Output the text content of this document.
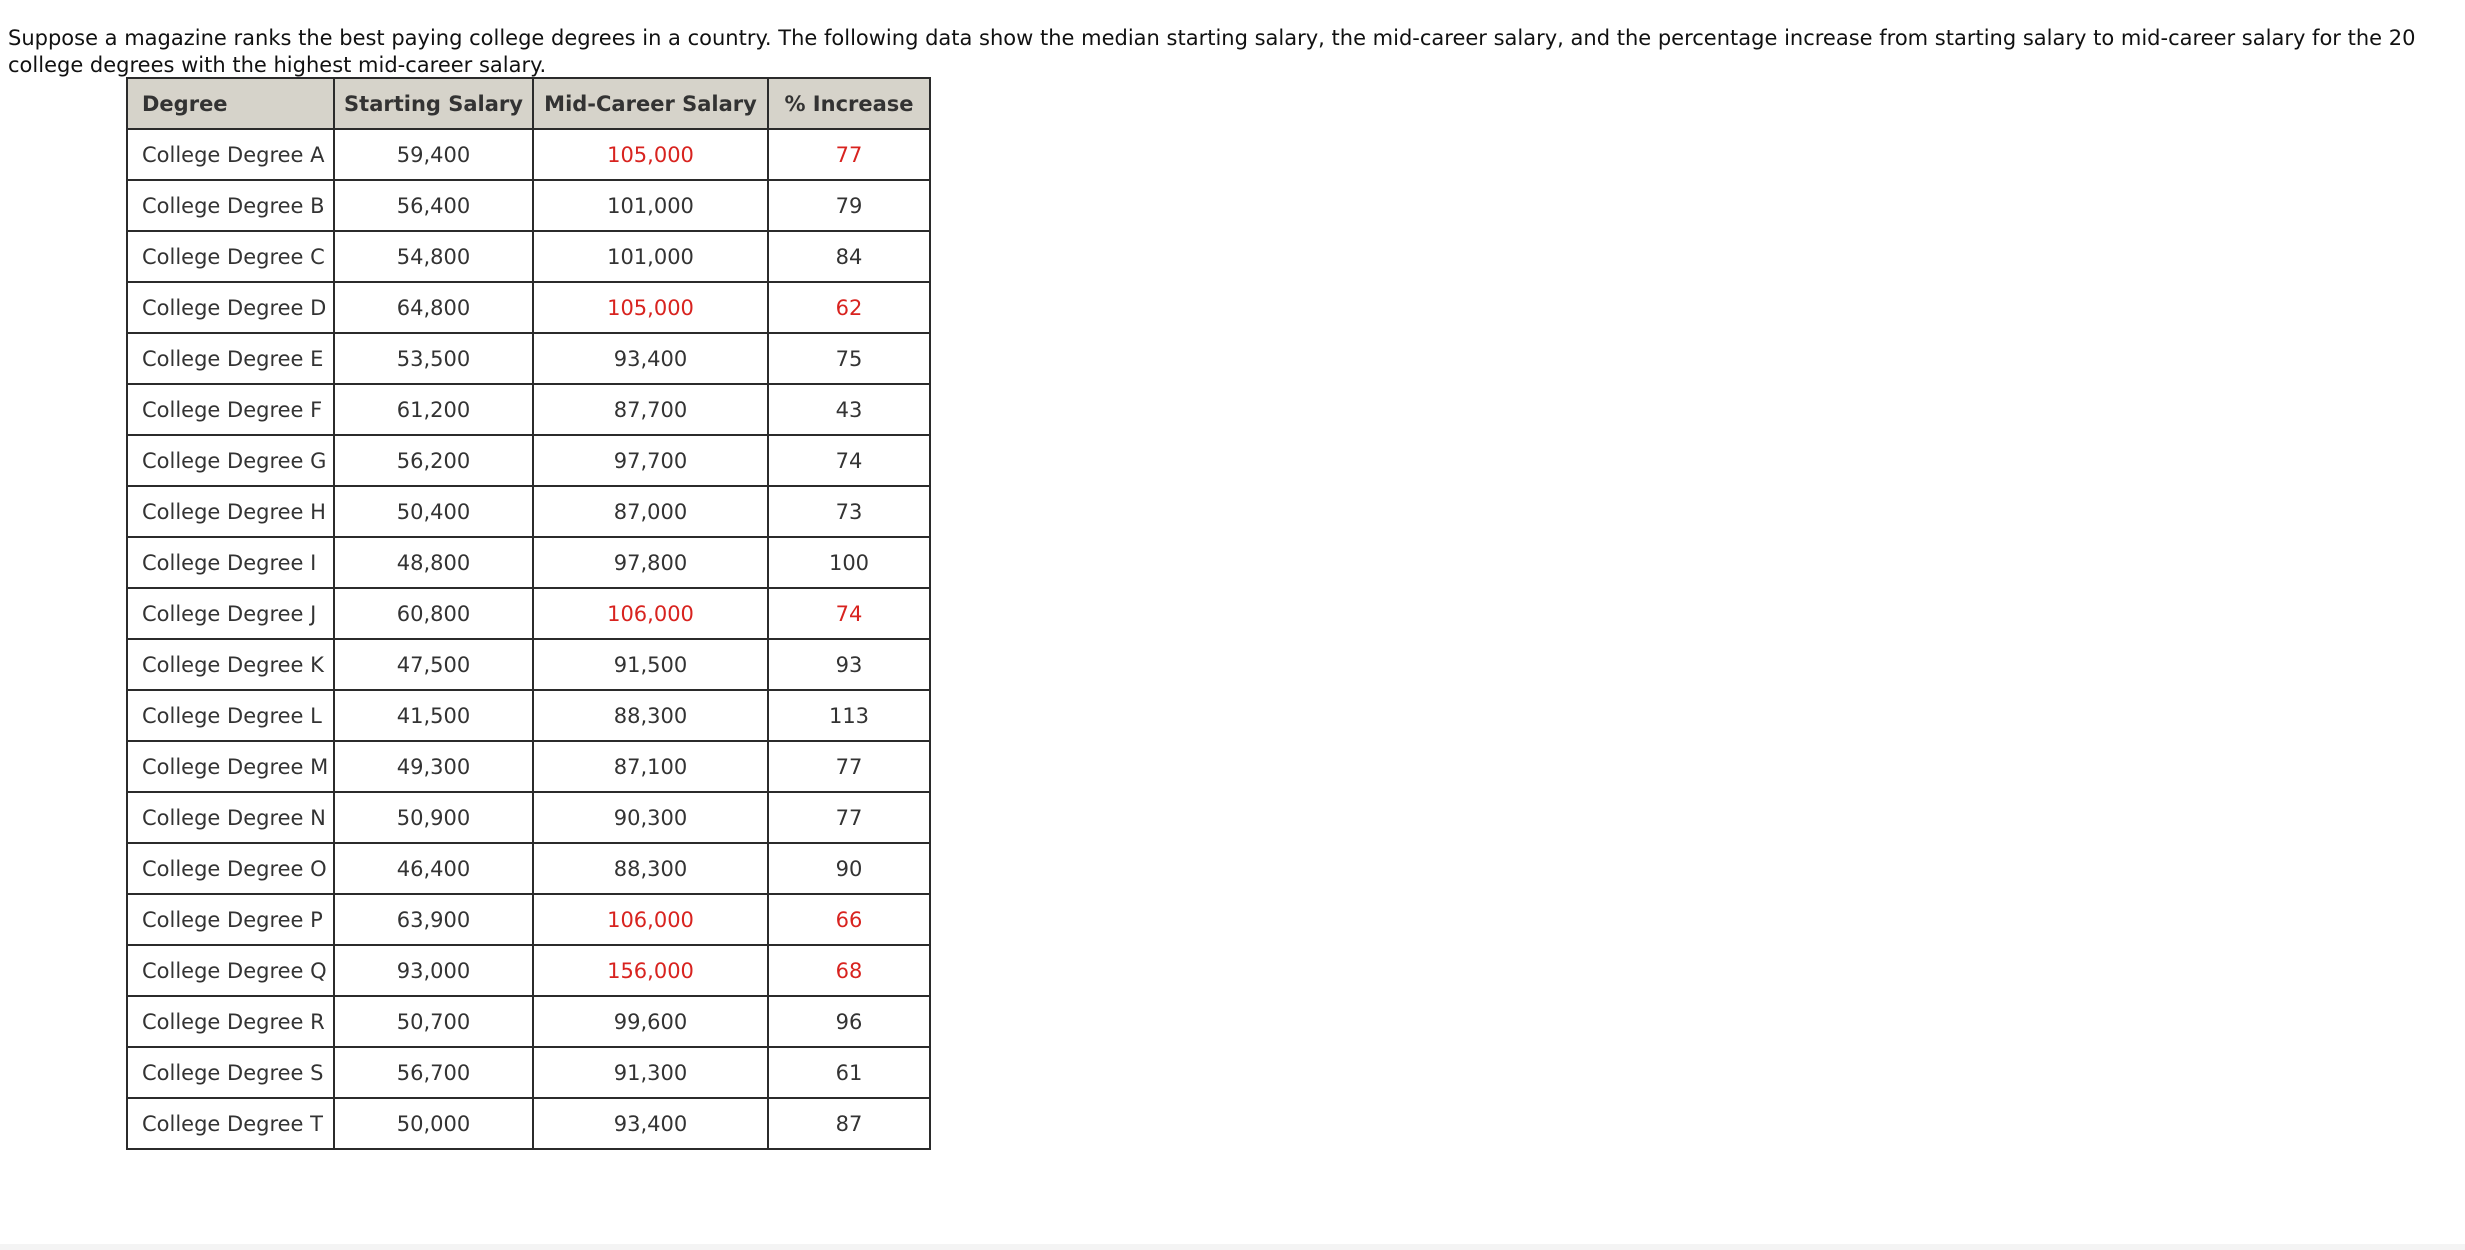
Suppose a magazine ranks the best paying college degrees in a country. The following data show the median starting salary, the mid-career salary, and the percentage increase from starting salary to mid-career salary for the 20 college degrees with the highest mid-career salary.

Degree	Starting Salary	Mid-Career Salary	% Increase
College Degree A	59,400	105,000	77
College Degree B	56,400	101,000	79
College Degree C	54,800	101,000	84
College Degree D	64,800	105,000	62
College Degree E	53,500	93,400	75
College Degree F	61,200	87,700	43
College Degree G	56,200	97,700	74
College Degree H	50,400	87,000	73
College Degree I	48,800	97,800	100
College Degree J	60,800	106,000	74
College Degree K	47,500	91,500	93
College Degree L	41,500	88,300	113
College Degree M	49,300	87,100	77
College Degree N	50,900	90,300	77
College Degree O	46,400	88,300	90
College Degree P	63,900	106,000	66
College Degree Q	93,000	156,000	68
College Degree R	50,700	99,600	96
College Degree S	56,700	91,300	61
College Degree T	50,000	93,400	87
